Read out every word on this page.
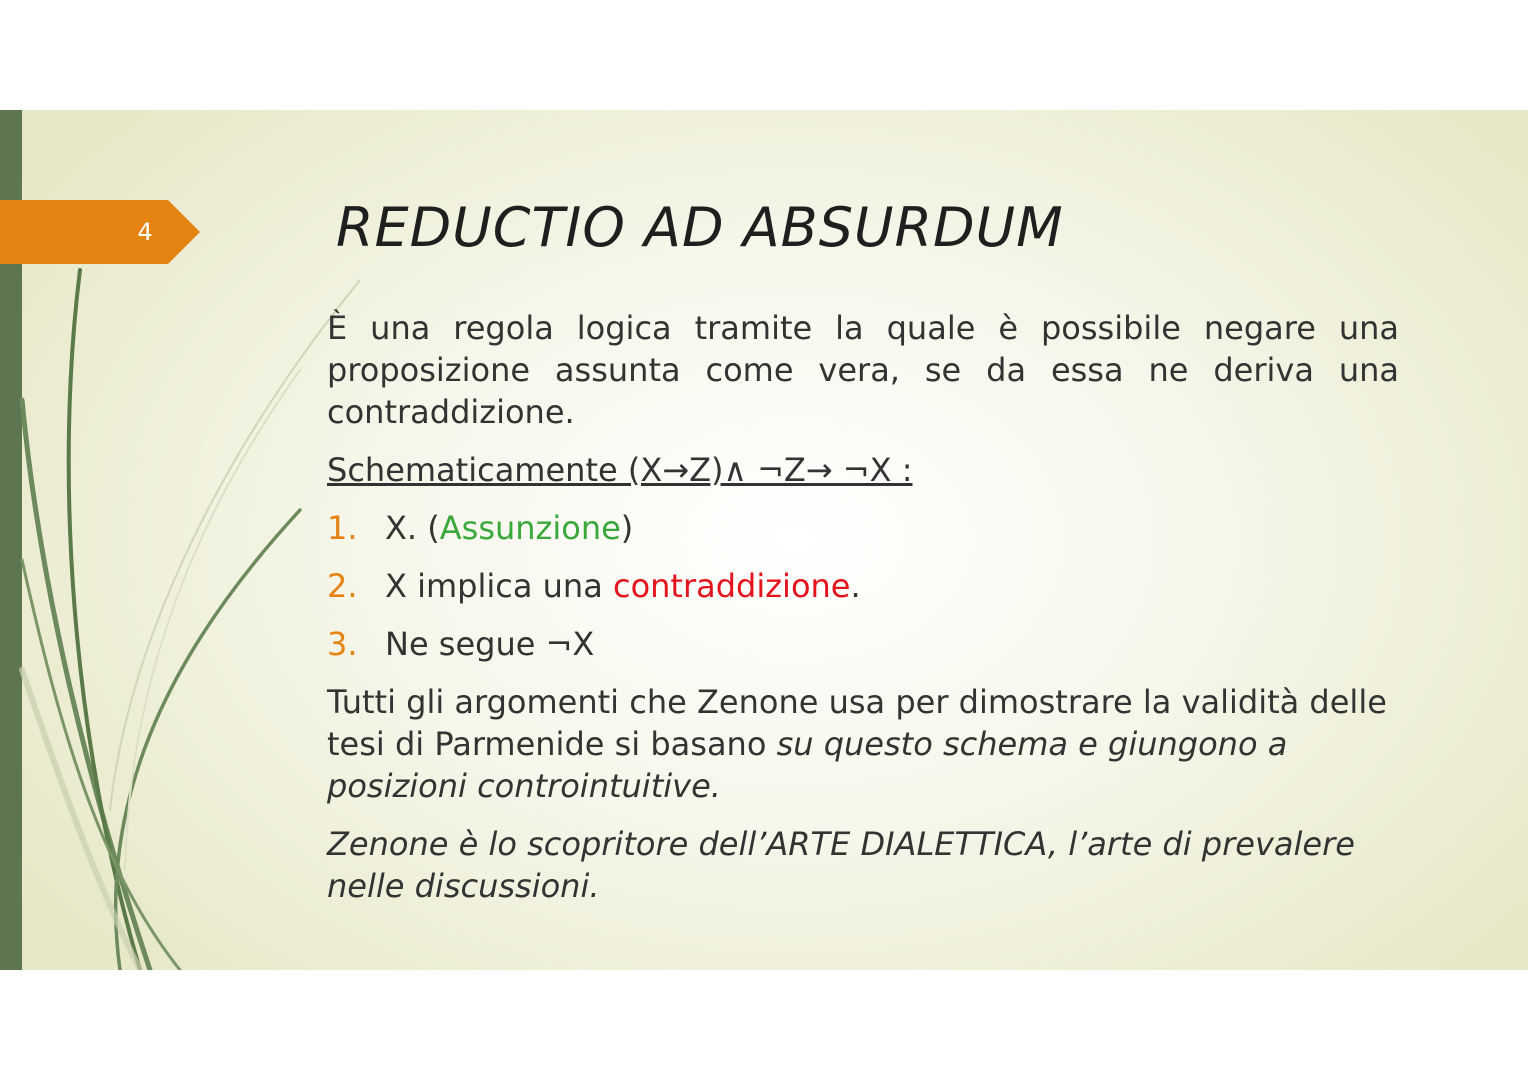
4	REDUCTIO AD ABSURDUM

È una regola logica tramite la quale è possibile negare una proposizione assunta come vera, se da essa ne deriva una contraddizione.

Schematicamente (X→Z)∧ ¬Z→ ¬X :

1. X. (Assunzione)
2. X implica una contraddizione.
3. Ne segue ¬X

Tutti gli argomenti che Zenone usa per dimostrare la validità delle tesi di Parmenide si basano su questo schema e giungono a posizioni controintuitive.

Zenone è lo scopritore dell’ARTE DIALETTICA, l’arte di prevalere nelle discussioni.
